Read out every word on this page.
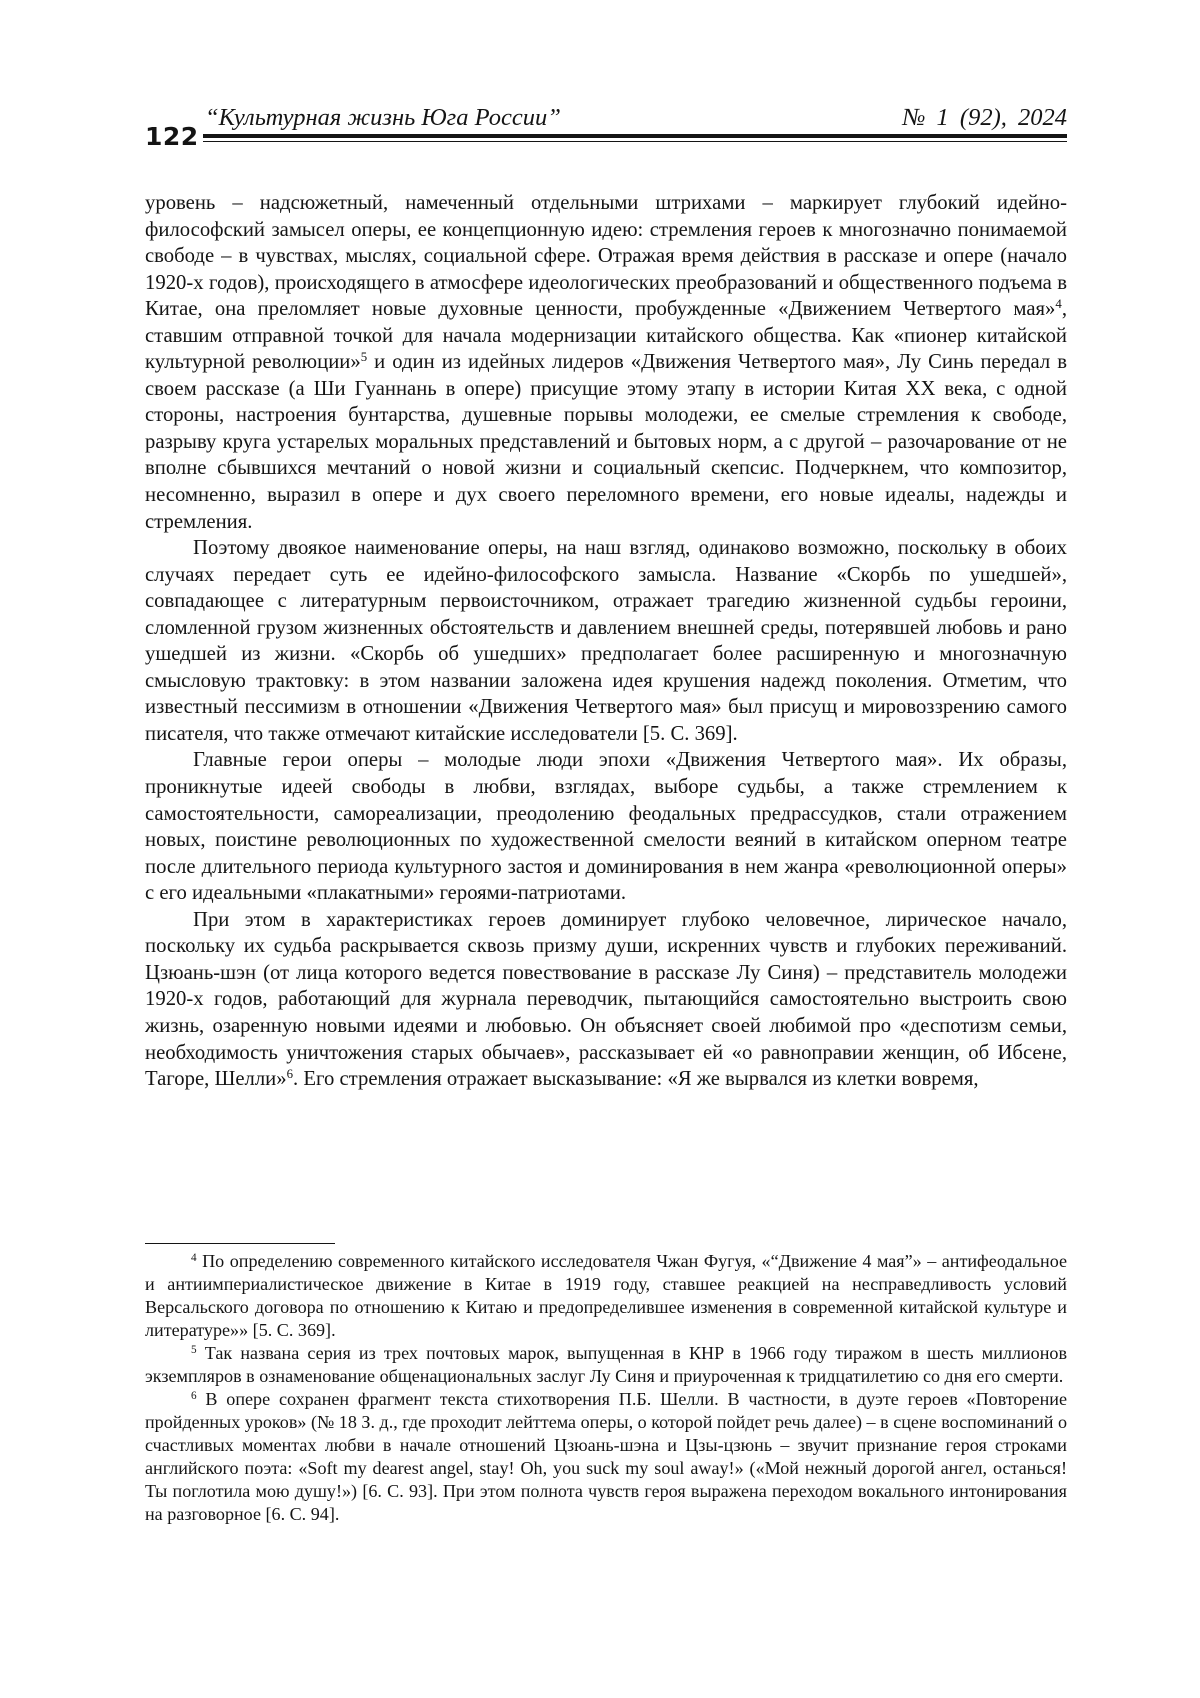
122
“Культурная жизнь Юга России”	№ 1 (92), 2024

уровень – надсюжетный, намеченный отдельными штрихами – маркирует глубокий идейно-философский замысел оперы, ее концепционную идею: стремления героев к многозначно понимаемой свободе – в чувствах, мыслях, социальной сфере. Отражая время действия в рассказе и опере (начало 1920-х годов), происходящего в атмосфере идеологических преобразований и общественного подъема в Китае, она преломляет новые духовные ценности, пробужденные «Движением Четвертого мая»4, ставшим отправной точкой для начала модернизации китайского общества. Как «пионер китайской культурной революции»5 и один из идейных лидеров «Движения Четвертого мая», Лу Синь передал в своем рассказе (а Ши Гуаннань в опере) присущие этому этапу в истории Китая XX века, с одной стороны, настроения бунтарства, душевные порывы молодежи, ее смелые стремления к свободе, разрыву круга устарелых моральных представлений и бытовых норм, а с другой – разочарование от не вполне сбывшихся мечтаний о новой жизни и социальный скепсис. Подчеркнем, что композитор, несомненно, выразил в опере и дух своего переломного времени, его новые идеалы, надежды и стремления.

Поэтому двоякое наименование оперы, на наш взгляд, одинаково возможно, поскольку в обоих случаях передает суть ее идейно-философского замысла. Название «Скорбь по ушедшей», совпадающее с литературным первоисточником, отражает трагедию жизненной судьбы героини, сломленной грузом жизненных обстоятельств и давлением внешней среды, потерявшей любовь и рано ушедшей из жизни. «Скорбь об ушедших» предполагает более расширенную и многозначную смысловую трактовку: в этом названии заложена идея крушения надежд поколения. Отметим, что известный пессимизм в отношении «Движения Четвертого мая» был присущ и мировоззрению самого писателя, что также отмечают китайские исследователи [5. С. 369].

Главные герои оперы – молодые люди эпохи «Движения Четвертого мая». Их образы, проникнутые идеей свободы в любви, взглядах, выборе судьбы, а также стремлением к самостоятельности, самореализации, преодолению феодальных предрассудков, стали отражением новых, поистине революционных по художественной смелости веяний в китайском оперном театре после длительного периода культурного застоя и доминирования в нем жанра «революционной оперы» с его идеальными «плакатными» героями-патриотами.

При этом в характеристиках героев доминирует глубоко человечное, лирическое начало, поскольку их судьба раскрывается сквозь призму души, искренних чувств и глубоких переживаний. Цзюань-шэн (от лица которого ведется повествование в рассказе Лу Синя) – представитель молодежи 1920-х годов, работающий для журнала переводчик, пытающийся самостоятельно выстроить свою жизнь, озаренную новыми идеями и любовью. Он объясняет своей любимой про «деспотизм семьи, необходимость уничтожения старых обычаев», рассказывает ей «о равноправии женщин, об Ибсене, Тагоре, Шелли»6. Его стремления отражает высказывание: «Я же вырвался из клетки вовремя,

4 По определению современного китайского исследователя Чжан Фугуя, «“Движение 4 мая”» – антифеодальное и антиимпериалистическое движение в Китае в 1919 году, ставшее реакцией на несправедливость условий Версальского договора по отношению к Китаю и предопределившее изменения в современной китайской культуре и литературе»» [5. С. 369].

5 Так названа серия из трех почтовых марок, выпущенная в КНР в 1966 году тиражом в шесть миллионов экземпляров в ознаменование общенациональных заслуг Лу Синя и приуроченная к тридцатилетию со дня его смерти.

6 В опере сохранен фрагмент текста стихотворения П.Б. Шелли. В частности, в дуэте героев «Повторение пройденных уроков» (№ 18 З. д., где проходит лейттема оперы, о которой пойдет речь далее) – в сцене воспоминаний о счастливых моментах любви в начале отношений Цзюань-шэна и Цзы-цзюнь – звучит признание героя строками английского поэта: «Soft my dearest angel, stay! Oh, you suck my soul away!» («Мой нежный дорогой ангел, останься! Ты поглотила мою душу!») [6. С. 93]. При этом полнота чувств героя выражена переходом вокального интонирования на разговорное [6. С. 94].
